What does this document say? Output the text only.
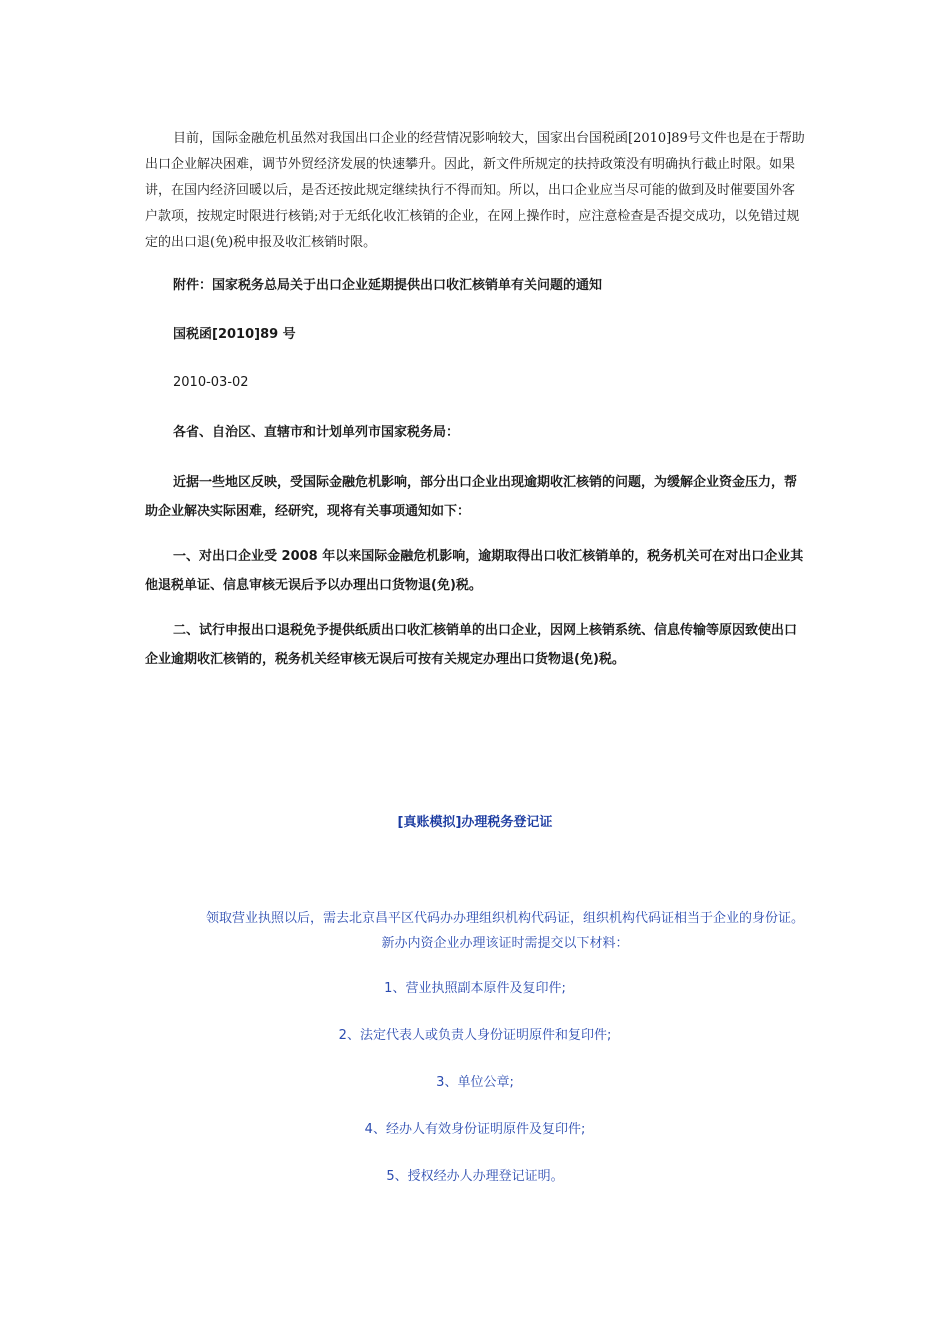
目前，国际金融危机虽然对我国出口企业的经营情况影响较大，国家出台国税函[2010]89号文件也是在于帮助出口企业解决困难，调节外贸经济发展的快速攀升。因此，新文件所规定的扶持政策没有明确执行截止时限。如果讲，在国内经济回暖以后，是否还按此规定继续执行不得而知。所以，出口企业应当尽可能的做到及时催要国外客户款项，按规定时限进行核销;对于无纸化收汇核销的企业，在网上操作时，应注意检查是否提交成功，以免错过规定的出口退(免)税申报及收汇核销时限。

附件：国家税务总局关于出口企业延期提供出口收汇核销单有关问题的通知

国税函[2010]89 号

2010-03-02

各省、自治区、直辖市和计划单列市国家税务局：

近据一些地区反映，受国际金融危机影响，部分出口企业出现逾期收汇核销的问题，为缓解企业资金压力，帮助企业解决实际困难，经研究，现将有关事项通知如下：

一、对出口企业受 2008 年以来国际金融危机影响，逾期取得出口收汇核销单的，税务机关可在对出口企业其他退税单证、信息审核无误后予以办理出口货物退(免)税。

二、试行申报出口退税免予提供纸质出口收汇核销单的出口企业，因网上核销系统、信息传输等原因致使出口企业逾期收汇核销的，税务机关经审核无误后可按有关规定办理出口货物退(免)税。

[真账模拟]办理税务登记证

领取营业执照以后，需去北京昌平区代码办办理组织机构代码证，组织机构代码证相当于企业的身份证。新办内资企业办理该证时需提交以下材料：

1、营业执照副本原件及复印件;

2、法定代表人或负责人身份证明原件和复印件;

3、单位公章;

4、经办人有效身份证明原件及复印件;

5、授权经办人办理登记证明。
